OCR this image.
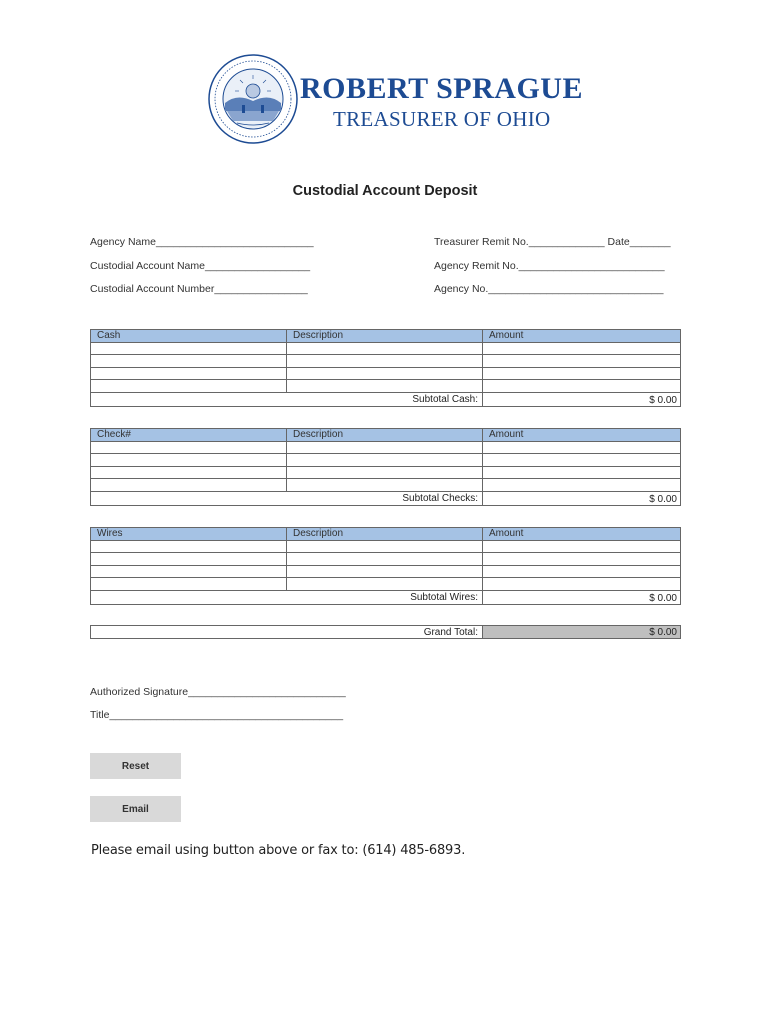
ROBERT SPRAGUE
TREASURER OF OHIO
Custodial Account Deposit
Agency Name___________________________
Custodial Account Name__________________
Custodial Account Number________________
Treasurer Remit No._____________ Date_______
Agency Remit No._________________________
Agency No.______________________________
Cash	Description	Amount

Subtotal Cash:		$ 0.00
Check#	Description	Amount

Subtotal Checks:		$ 0.00
Wires	Description	Amount

Subtotal Wires:		$ 0.00
Grand Total:	$ 0.00
Authorized Signature___________________________
Title________________________________________
Reset
Email
Please email using button above or fax to: (614) 485-6893.
